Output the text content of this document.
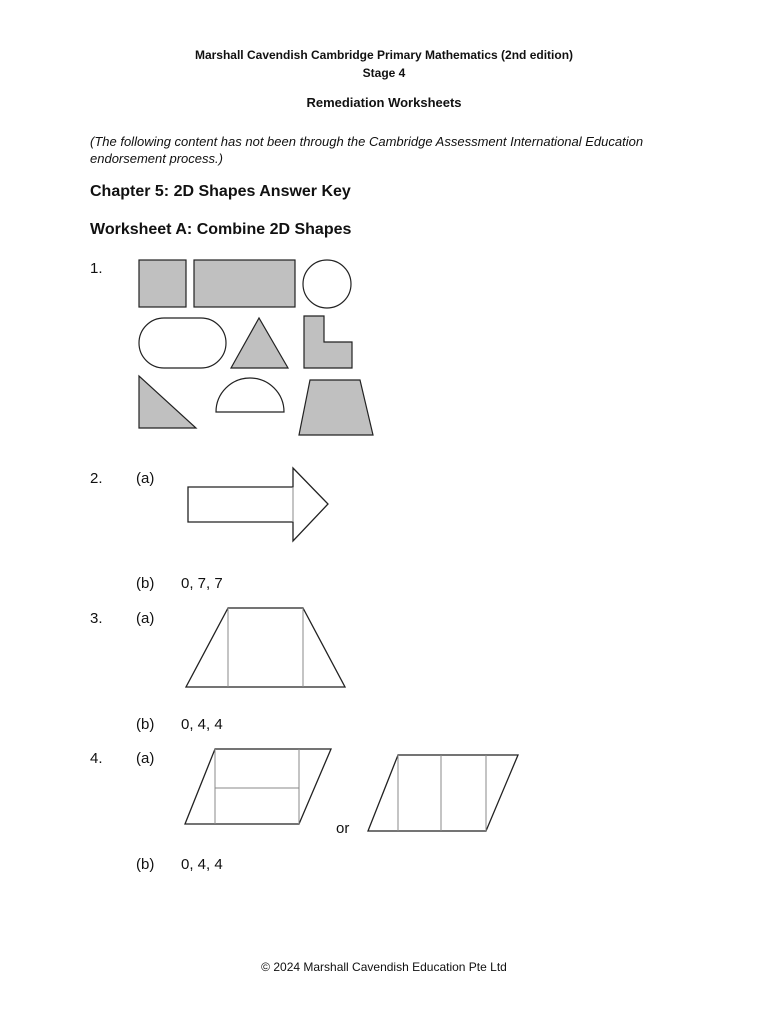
Marshall Cavendish Cambridge Primary Mathematics (2nd edition)
Stage 4
Remediation Worksheets
(The following content has not been through the Cambridge Assessment International Education endorsement process.)
Chapter 5: 2D Shapes Answer Key
Worksheet A: Combine 2D Shapes
1.
2. (a)
(b) 0, 7, 7
3. (a)
(b) 0, 4, 4
4. (a)
or
(b) 0, 4, 4
© 2024 Marshall Cavendish Education Pte Ltd
